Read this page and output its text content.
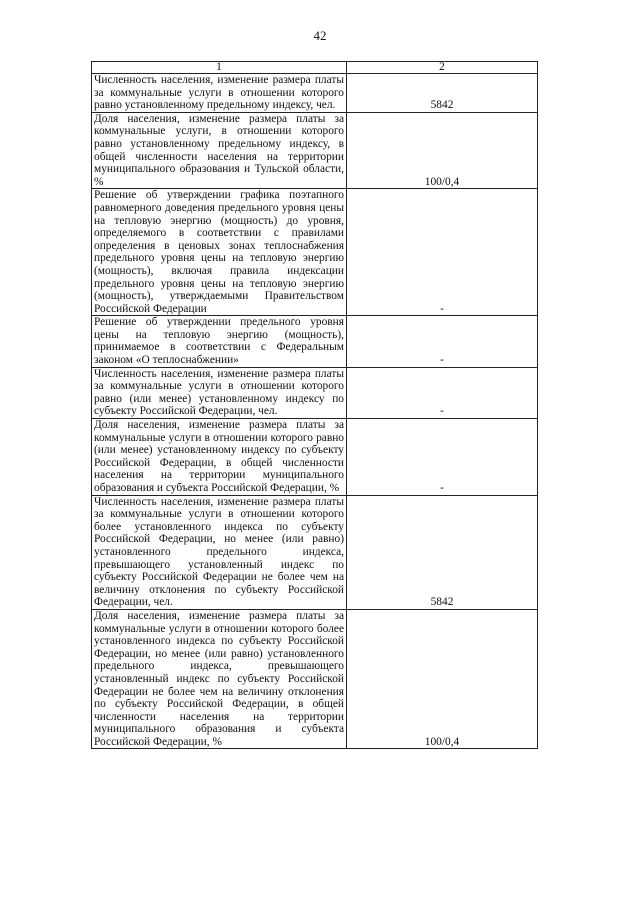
42
1	2
Численность населения, изменение размера платы за коммунальные услуги в отношении которого равно установленному предельному индексу, чел.	5842
Доля населения, изменение размера платы за коммунальные услуги, в отношении которого равно установленному предельному индексу, в общей численности населения на территории муниципального образования и Тульской области, %	100/0,4
Решение об утверждении графика поэтапного равномерного доведения предельного уровня цены на тепловую энергию (мощность) до уровня, определяемого в соответствии с правилами определения в ценовых зонах теплоснабжения предельного уровня цены на тепловую энергию (мощность), включая правила индексации предельного уровня цены на тепловую энергию (мощность), утверждаемыми Правительством Российской Федерации	-
Решение об утверждении предельного уровня цены на тепловую энергию (мощность), принимаемое в соответствии с Федеральным законом «О теплоснабжении»	-
Численность населения, изменение размера платы за коммунальные услуги в отношении которого равно (или менее) установленному индексу по субъекту Российской Федерации, чел.	-
Доля населения, изменение размера платы за коммунальные услуги в отношении которого равно (или менее) установленному индексу по субъекту Российской Федерации, в общей численности населения на территории муниципального образования и субъекта Российской Федерации, %	-
Численность населения, изменение размера платы за коммунальные услуги в отношении которого более установленного индекса по субъекту Российской Федерации, но менее (или равно) установленного предельного индекса, превышающего установленный индекс по субъекту Российской Федерации не более чем на величину отклонения по субъекту Российской Федерации, чел.	5842
Доля населения, изменение размера платы за коммунальные услуги в отношении которого более установленного индекса по субъекту Российской Федерации, но менее (или равно) установленного предельного индекса, превышающего установленный индекс по субъекту Российской Федерации не более чем на величину отклонения по субъекту Российской Федерации, в общей численности населения на территории муниципального образования и субъекта Российской Федерации, %	100/0,4
